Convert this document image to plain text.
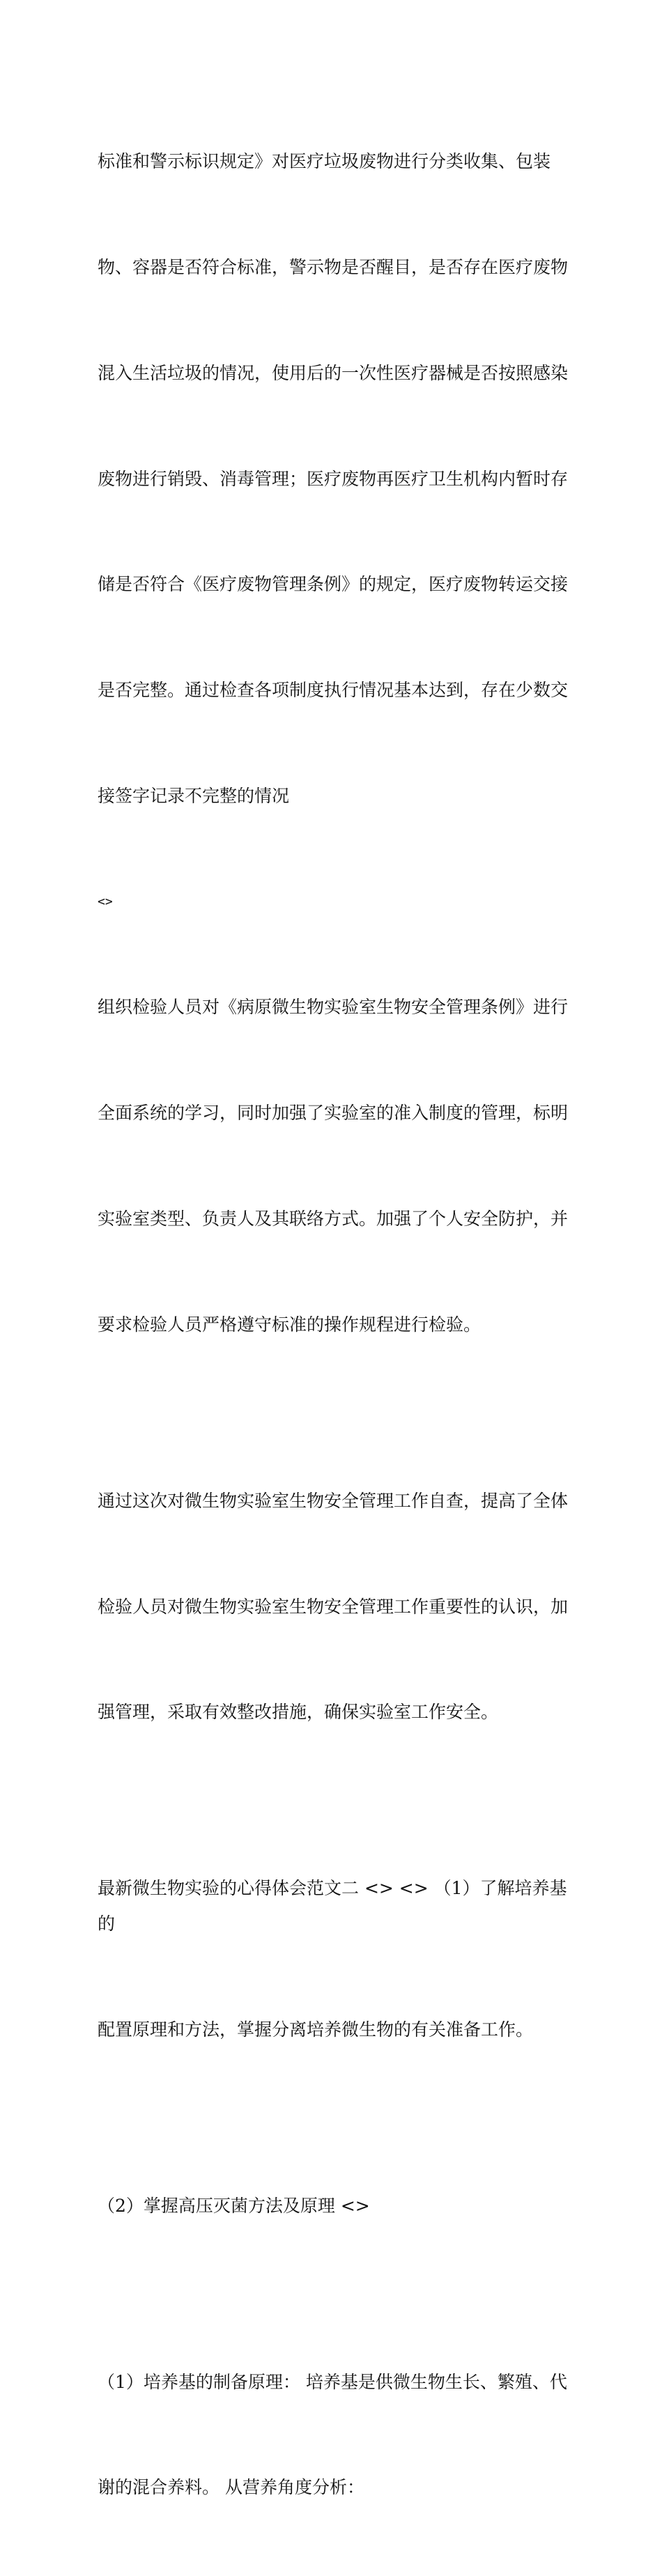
标准和警示标识规定》对医疗垃圾废物进行分类收集、包装

物、容器是否符合标准，警示物是否醒目，是否存在医疗废物

混入生活垃圾的情况，使用后的一次性医疗器械是否按照感染

废物进行销毁、消毒管理；医疗废物再医疗卫生机构内暂时存

储是否符合《医疗废物管理条例》的规定，医疗废物转运交接

是否完整。通过检查各项制度执行情况基本达到，存在少数交

接签字记录不完整的情况

<>

组织检验人员对《病原微生物实验室生物安全管理条例》进行

全面系统的学习，同时加强了实验室的准入制度的管理，标明

实验室类型、负责人及其联络方式。加强了个人安全防护，并

要求检验人员严格遵守标准的操作规程进行检验。

通过这次对微生物实验室生物安全管理工作自查，提高了全体

检验人员对微生物实验室生物安全管理工作重要性的认识，加

强管理，采取有效整改措施，确保实验室工作安全。

最新微生物实验的心得体会范文二 <> <> （1）了解培养基的

配置原理和方法，掌握分离培养微生物的有关准备工作。

（2）掌握高压灭菌方法及原理 <>

（1）培养基的制备原理： 培养基是供微生物生长、繁殖、代

谢的混合养料。 从营养角度分析：
